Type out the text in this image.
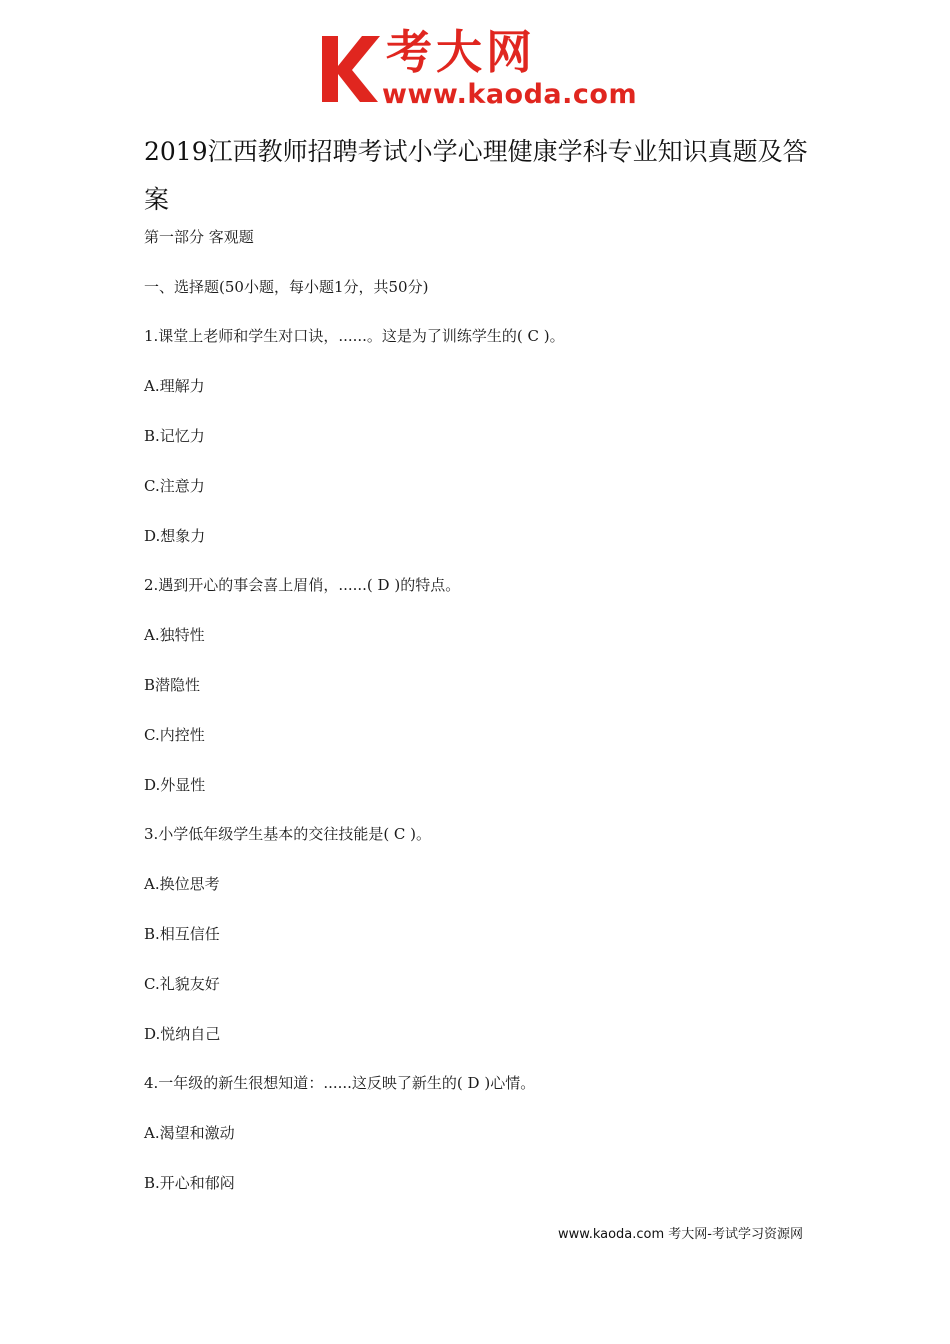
考大网
www.kaoda.com
2019江西教师招聘考试小学心理健康学科专业知识真题及答案
第一部分 客观题
一、选择题(50小题，每小题1分，共50分)
1.课堂上老师和学生对口诀，......。这是为了训练学生的( C )。
A.理解力
B.记忆力
C.注意力
D.想象力
2.遇到开心的事会喜上眉俏，......( D )的特点。
A.独特性
B潜隐性
C.内控性
D.外显性
3.小学低年级学生基本的交往技能是( C )。
A.换位思考
B.相互信任
C.礼貌友好
D.悦纳自己
4.一年级的新生很想知道：......这反映了新生的( D )心情。
A.渴望和激动
B.开心和郁闷
www.kaoda.com 考大网-考试学习资源网
